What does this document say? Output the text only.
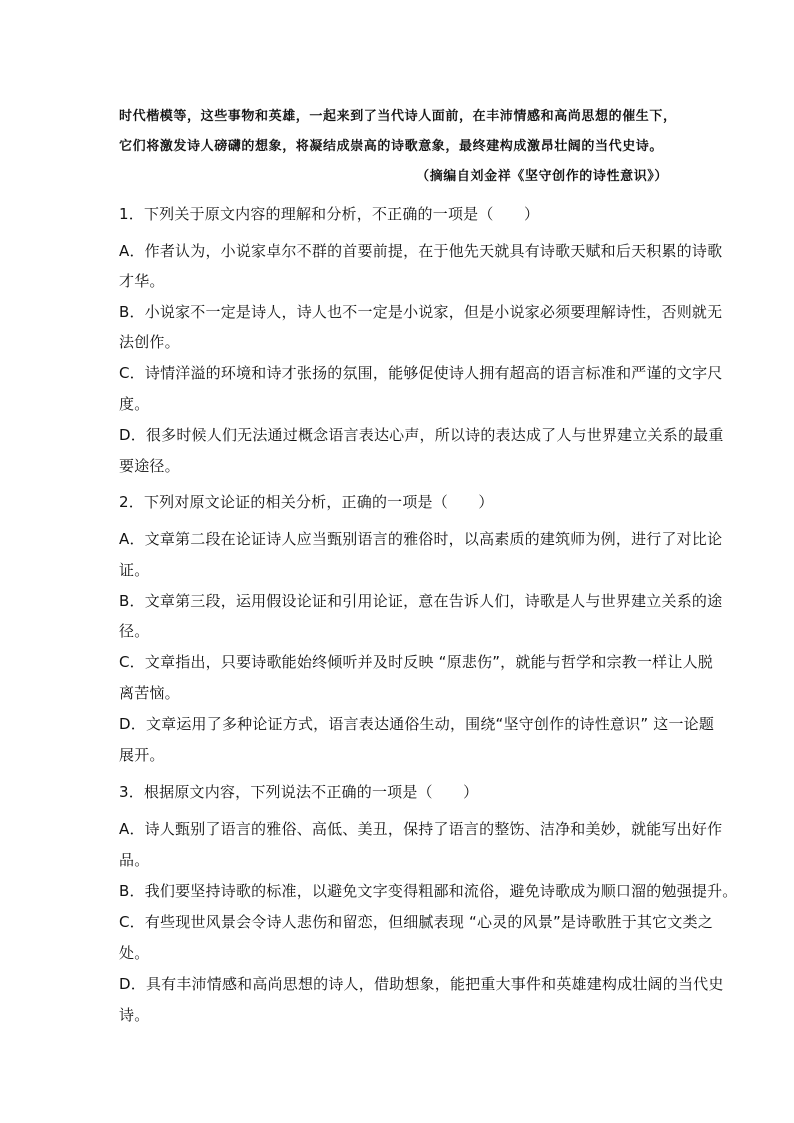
时代楷模等，这些事物和英雄，一起来到了当代诗人面前，在丰沛情感和高尚思想的催生下，
它们将激发诗人磅礴的想象，将凝结成崇高的诗歌意象，最终建构成激昂壮阔的当代史诗。
（摘编自刘金祥《坚守创作的诗性意识》）
1．下列关于原文内容的理解和分析，不正确的一项是（　　）
A．作者认为，小说家卓尔不群的首要前提，在于他先天就具有诗歌天赋和后天积累的诗歌
才华。
B．小说家不一定是诗人，诗人也不一定是小说家，但是小说家必须要理解诗性，否则就无
法创作。
C．诗情洋溢的环境和诗才张扬的氛围，能够促使诗人拥有超高的语言标准和严谨的文字尺
度。
D．很多时候人们无法通过概念语言表达心声，所以诗的表达成了人与世界建立关系的最重
要途径。
2．下列对原文论证的相关分析，正确的一项是（　　）
A．文章第二段在论证诗人应当甄别语言的雅俗时，以高素质的建筑师为例，进行了对比论
证。
B．文章第三段，运用假设论证和引用论证，意在告诉人们，诗歌是人与世界建立关系的途
径。
C．文章指出，只要诗歌能始终倾听并及时反映 “原悲伤”，就能与哲学和宗教一样让人脱
离苦恼。
D．文章运用了多种论证方式，语言表达通俗生动，围绕“坚守创作的诗性意识” 这一论题
展开。
3．根据原文内容，下列说法不正确的一项是（　　）
A．诗人甄别了语言的雅俗、高低、美丑，保持了语言的整饬、洁净和美妙，就能写出好作
品。
B．我们要坚持诗歌的标准，以避免文字变得粗鄙和流俗，避免诗歌成为顺口溜的勉强提升。
C．有些现世风景会令诗人悲伤和留恋，但细腻表现 “心灵的风景”是诗歌胜于其它文类之
处。
D．具有丰沛情感和高尚思想的诗人，借助想象，能把重大事件和英雄建构成壮阔的当代史
诗。
